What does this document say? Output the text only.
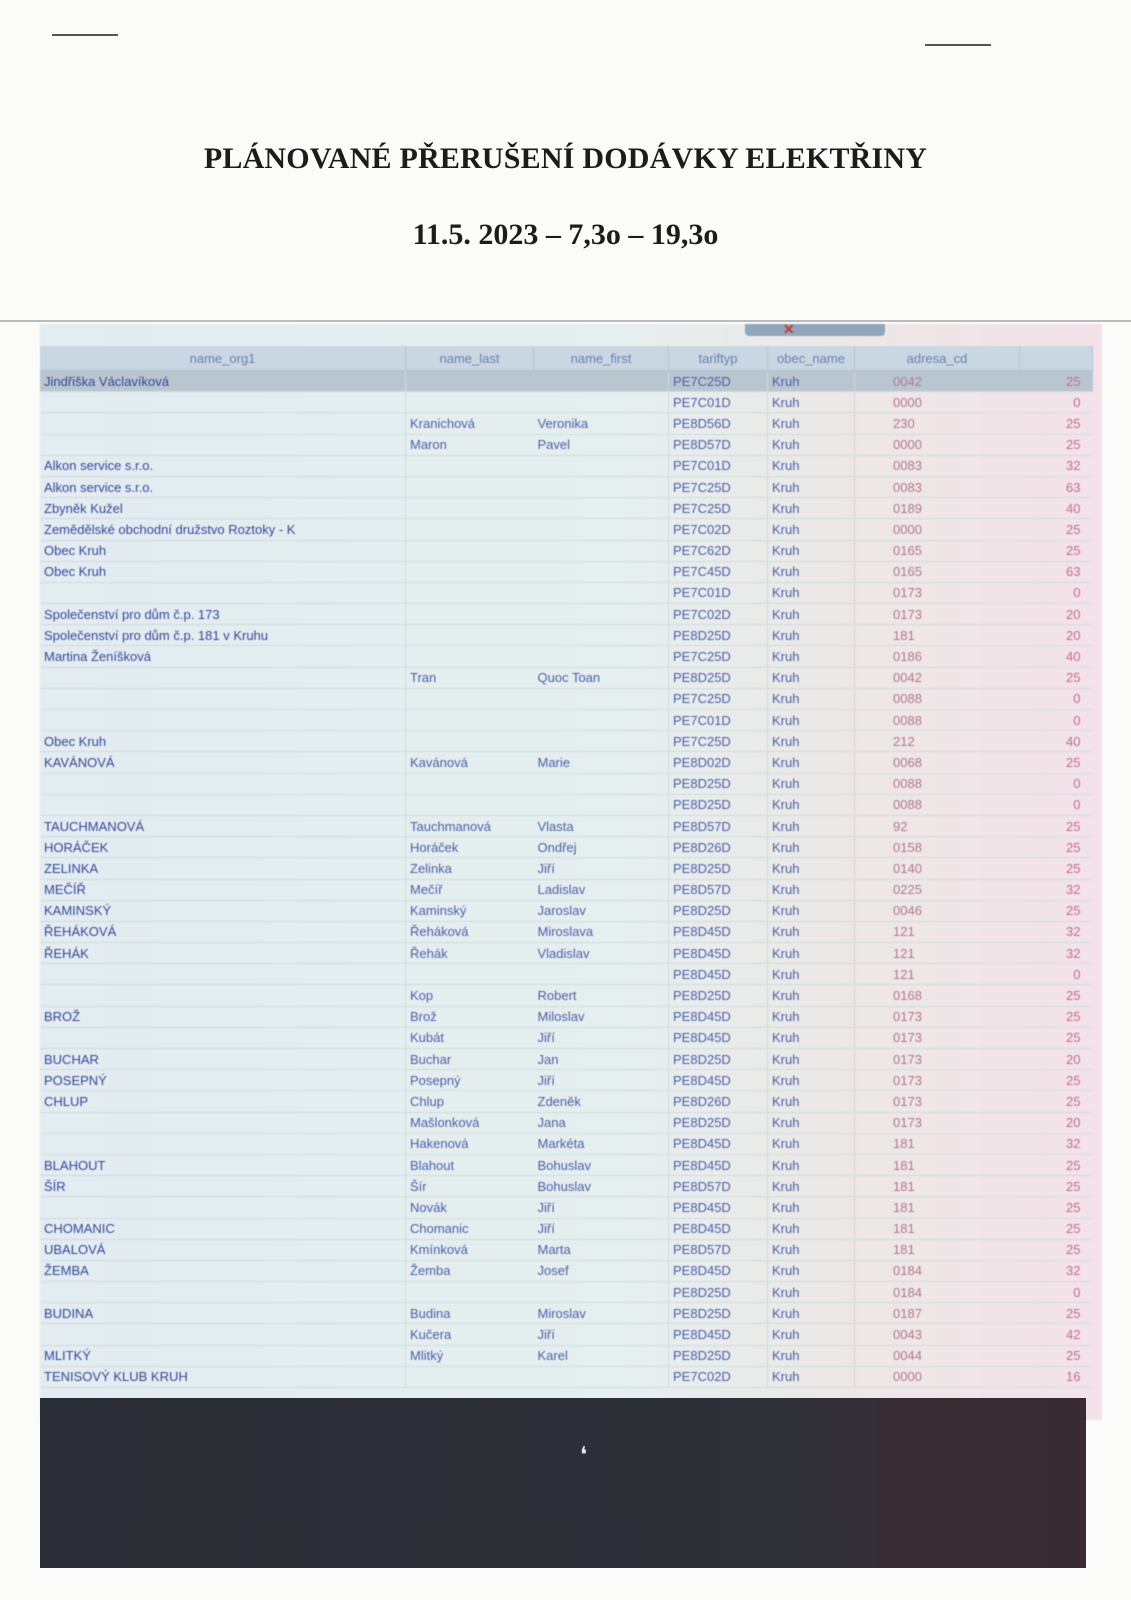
PLÁNOVANÉ PŘERUŠENÍ DODÁVKY ELEKTŘINY
11.5. 2023 – 7,3o – 19,3o
✕
name_org1	name_last	name_first	tariftyp	obec_name	adresa_cd	
Jindřiška Václavíková			PE7C25D	Kruh	0042	25
			PE7C01D	Kruh	0000	0
	Kranichová	Veronika	PE8D56D	Kruh	230	25
	Maron	Pavel	PE8D57D	Kruh	0000	25
Alkon service s.r.o.			PE7C01D	Kruh	0083	32
Alkon service s.r.o.			PE7C25D	Kruh	0083	63
Zbyněk Kužel			PE7C25D	Kruh	0189	40
Zemědělské obchodní družstvo Roztoky - K			PE7C02D	Kruh	0000	25
Obec Kruh			PE7C62D	Kruh	0165	25
Obec Kruh			PE7C45D	Kruh	0165	63
			PE7C01D	Kruh	0173	0
Společenství pro dům č.p. 173			PE7C02D	Kruh	0173	20
Společenství pro dům č.p. 181 v Kruhu			PE8D25D	Kruh	181	20
Martina Ženíšková			PE7C25D	Kruh	0186	40
	Tran	Quoc Toan	PE8D25D	Kruh	0042	25
			PE7C25D	Kruh	0088	0
			PE7C01D	Kruh	0088	0
Obec Kruh			PE7C25D	Kruh	212	40
KAVÁNOVÁ	Kavánová	Marie	PE8D02D	Kruh	0068	25
			PE8D25D	Kruh	0088	0
			PE8D25D	Kruh	0088	0
TAUCHMANOVÁ	Tauchmanová	Vlasta	PE8D57D	Kruh	92	25
HORÁČEK	Horáček	Ondřej	PE8D26D	Kruh	0158	25
ZELINKA	Zelinka	Jiří	PE8D25D	Kruh	0140	25
MEČÍŘ	Mečíř	Ladislav	PE8D57D	Kruh	0225	32
KAMINSKÝ	Kaminský	Jaroslav	PE8D25D	Kruh	0046	25
ŘEHÁKOVÁ	Řeháková	Miroslava	PE8D45D	Kruh	121	32
ŘEHÁK	Řehák	Vladislav	PE8D45D	Kruh	121	32
			PE8D45D	Kruh	121	0
	Kop	Robert	PE8D25D	Kruh	0168	25
BROŽ	Brož	Miloslav	PE8D45D	Kruh	0173	25
	Kubát	Jiří	PE8D45D	Kruh	0173	25
BUCHAR	Buchar	Jan	PE8D25D	Kruh	0173	20
POSEPNÝ	Posepný	Jiří	PE8D45D	Kruh	0173	25
CHLUP	Chlup	Zdeněk	PE8D26D	Kruh	0173	25
	Mašlonková	Jana	PE8D25D	Kruh	0173	20
	Hakenová	Markéta	PE8D45D	Kruh	181	32
BLAHOUT	Blahout	Bohuslav	PE8D45D	Kruh	181	25
ŠÍR	Šír	Bohuslav	PE8D57D	Kruh	181	25
	Novák	Jiří	PE8D45D	Kruh	181	25
CHOMANIC	Chomanic	Jiří	PE8D45D	Kruh	181	25
UBALOVÁ	Kmínková	Marta	PE8D57D	Kruh	181	25
ŽEMBA	Žemba	Josef	PE8D45D	Kruh	0184	32
			PE8D25D	Kruh	0184	0
BUDINA	Budina	Miroslav	PE8D25D	Kruh	0187	25
	Kučera	Jiří	PE8D45D	Kruh	0043	42
MLITKÝ	Mlitký	Karel	PE8D25D	Kruh	0044	25
TENISOVÝ KLUB KRUH			PE7C02D	Kruh	0000	16
❛
